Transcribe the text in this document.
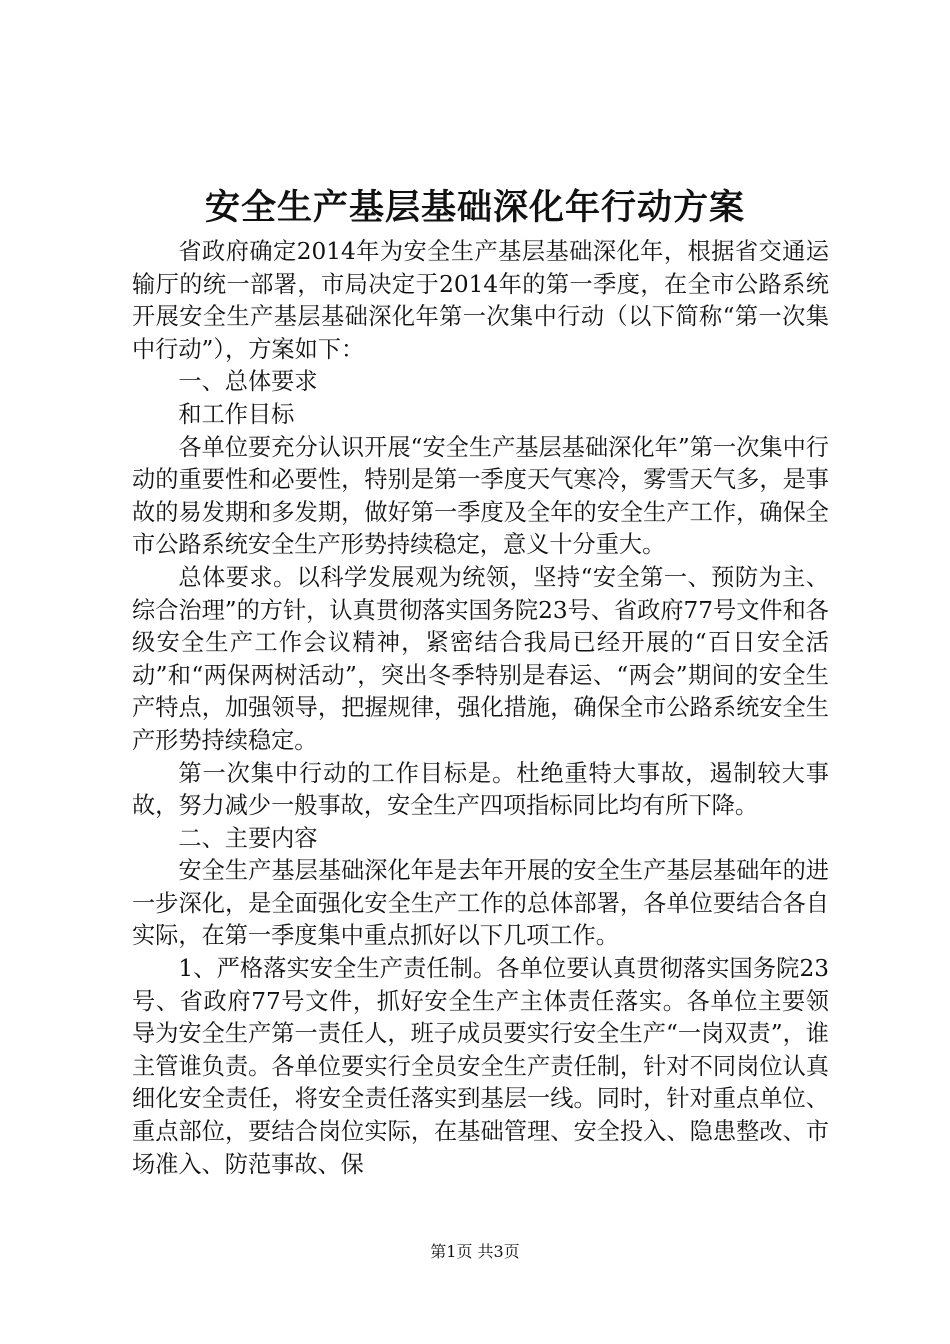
安全生产基层基础深化年行动方案

省政府确定2014年为安全生产基层基础深化年，根据省交通运输厅的统一部署，市局决定于2014年的第一季度，在全市公路系统开展安全生产基层基础深化年第一次集中行动（以下简称“第一次集中行动”），方案如下：

一、总体要求

和工作目标

各单位要充分认识开展“安全生产基层基础深化年”第一次集中行动的重要性和必要性，特别是第一季度天气寒冷，雾雪天气多，是事故的易发期和多发期，做好第一季度及全年的安全生产工作，确保全市公路系统安全生产形势持续稳定，意义十分重大。

总体要求。以科学发展观为统领，坚持“安全第一、预防为主、综合治理”的方针，认真贯彻落实国务院23号、省政府77号文件和各级安全生产工作会议精神，紧密结合我局已经开展的“百日安全活动”和“两保两树活动”，突出冬季特别是春运、“两会”期间的安全生产特点，加强领导，把握规律，强化措施，确保全市公路系统安全生产形势持续稳定。

第一次集中行动的工作目标是。杜绝重特大事故，遏制较大事故，努力减少一般事故，安全生产四项指标同比均有所下降。

二、主要内容

安全生产基层基础深化年是去年开展的安全生产基层基础年的进一步深化，是全面强化安全生产工作的总体部署，各单位要结合各自实际，在第一季度集中重点抓好以下几项工作。

1、严格落实安全生产责任制。各单位要认真贯彻落实国务院23号、省政府77号文件，抓好安全生产主体责任落实。各单位主要领导为安全生产第一责任人，班子成员要实行安全生产“一岗双责”，谁主管谁负责。各单位要实行全员安全生产责任制，针对不同岗位认真细化安全责任，将安全责任落实到基层一线。同时，针对重点单位、重点部位，要结合岗位实际，在基础管理、安全投入、隐患整改、市场准入、防范事故、保

第1页 共3页
